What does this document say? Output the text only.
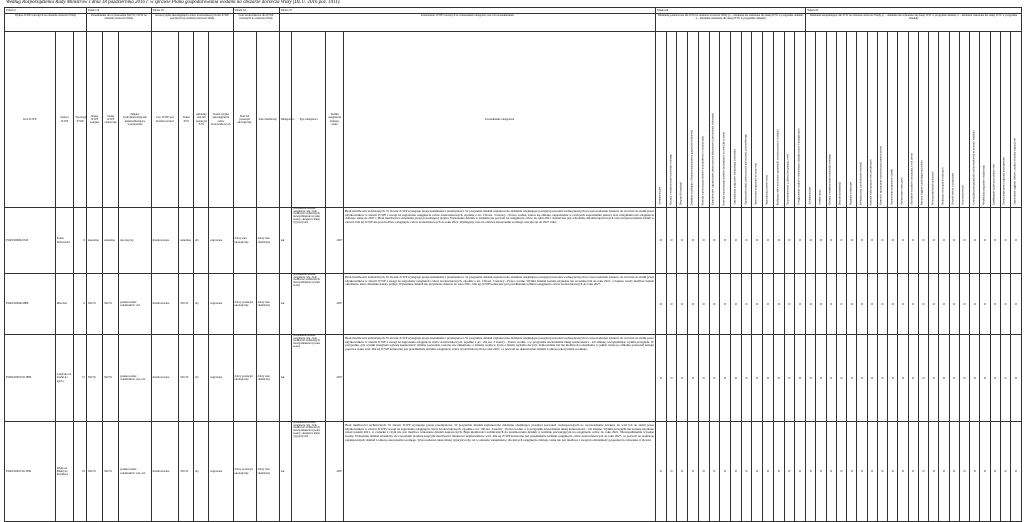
Według Rozporządzenia Rady Ministrów z dnia 18 października 2016 r. w sprawie Planu gospodarowania wodami na obszarze dorzecza Wisły (Dz.U. 2016 poz. 1911).
Tabela 2			Tabela 16			Tabela 19				Tabela 32		Tabela 37				Tabela 64														Tabela 65																				
Wykaz JCWP rzecznych na obszarze dorzecza Wisły			Uzasadnienie dla wyznaczenia SZCW i SCW na obszarze dorzecza Wisły			Ocena ryzyka nieosiągnięcia celów środowiskowych dla JCWP rzecznych na obszarze dorzecza Wisły				Cele środowiskowe dla JCWP rzecznych na obszarze Wisły		Zestawienie JCWP rzecznych ze wskazaniem odstępstw oraz ich uzasadnieniem				Działania podstawowe dla JCW na obszarze dorzecza Wisły (o – działanie nie wskazane dla danej JCW w programie działań; x – działanie wskazane dla danej JCW w programie działań)														Działania uzupełniające dla JCW na obszarze dorzecza Wisły (o – działanie nie wskazane dla danej JCW w programie działań; x – działanie wskazane dla danej JCW w programie działań)																				
Kod JCWP	Nazwa JCWP	Typologia JCWP	Status JCWP wstępny	Status JCWP ostateczny	Zmiany hydromorfologiczne uniemożliwiające wyznaczenie	Czy JCWP jest monitorowana?	Status JCW	Aktualny stan lub potencjał JCW	Ocena ryzyka nieosiągnięcia celów środowiskowych	Stan lub potencjał ekologiczny	Stan chemiczny	Odstępstwo	Typ odstępstwa	Termin osiągnięcia dobrego stanu	Uzasadnienie odstępstwa	Administracyjne	Badania i monitorowanie środowiska wodnego	Decyzje dla instalacji	Działania wynikające z finansowania (systemu gospodarki ściekowej)	Kontrola wprowadzania ścieków przemysłowych z oczyszczalni	Kontrolowanie i ograniczanie zanieczyszczeń obszarowych (pochodzenia rolniczego)	Kontrola wprowadzania ścieków komunalnych do wód lub do ziemi	Optymalizacja programów monitoringu środowiska	Ograniczanie emisji zanieczyszczeń pochodzenia przemysłowego	Opracowanie programów ochrony wód	Optymalizacja metod oceny	Realizacja celów ochronnych gospodarki wodnej zawartych w planach	Sprawozdawczość z zakresu korzystania z wód	Uwzględnienie działań w dokumentach planistycznych i strategicznych	Administracyjne	Analizy stanu	Badania i monitorowanie środowiska wodnego	Decyzje dla instalacji	Działania edukacyjne	Inwentaryzacja i prowadzenie ewidencji	Kontrola wykorzystania wód podziemnych	Kontrola i ograniczanie wprowadzania zanieczyszczeń	Opracowanie programów działań	Opracowanie wytycznych	Określenie warunków korzystania z wód zlewni	Poprawa ciągłości morfologicznej cieków	Prowadzenie badań naukowych	Realizacja rozwiązań technicznych	Rozwój wiedzy i zarządzania	Sprawozdawczość	Uporządkowanie gospodarki wodno-ściekowej na terenach wiejskich	Weryfikacja programów rekultywacji	Zapobieganie zanieczyszczeniom wód	Ocena konieczności realizacji przedsięwzięć	Zapewnienie ciągłości cieków z punktu widzenia migracji ryb

PLRW2000621545	Potok Dobowicki	6	naturalna	naturalna	nie dotyczy	monitorowana	naturalna	zły	zagrożona	dobry stan ekologiczny	dobry stan chemiczny	tak	przedłużenie terminu osiągnięcia celu - brak możliwości technicznych, niewspółmiernie wysokie koszty; odstępstwo mniej rygorystyczne	2027	Brak możliwości technicznych. W zlewni JCWP występuje presja komunalna i przemysłowa. W programie działań zaplanowano działanie obejmujące przegląd pozwoleń wodnoprawnych na wprowadzanie ścieków do wód lub do ziemi przez użytkowników w zlewni JCWP z uwagi na zagrożenie osiągnięcia celów środowiskowych, zgodnie z art. 136 ust. 3 ustawy - Prawo wodne, zaleca się zmianę, zapewnienie w rewizjach zapewnienia jakości oraz utrzymania lub osiągnięcia dobrego stanu do 2027 r. Brak możliwości określenia presji powodującej ryzyko. Wykonanie działań w terminie nie pozwoli na osiągnięcie celów do roku 2021. Konieczne jest wdrożenie działań naprawczych oraz przeprowadzenie badań w zlewni. Dla tej JCWP nie jest możliwe osiągnięcie celów środowiskowych do roku 2021. Wymagany czas na odnowę ekosystemu wodnego szacuje się do 2027 roku.	o	o	o	o	o	o	o	o	o	o	o	o	o	o	o	o	o	o	o	o	o	o	o	o	o	o	o	o	o	o	o	o	o	o	o
PLRW2000621889	Mleczna	6	SZCW	SZCW	przekroczenie wskaźników: zaś	monitorowana	SZCW	zły	zagrożona	dobry potencjał ekologiczny	dobry stan chemiczny	tak	przedłużenie terminu osiągnięcia celu - brak możliwości technicznych, niewspółmiernie wysokie koszty	2027	Brak możliwości technicznych. W zlewni JCWP występuje presja komunalna i przemysłowa. W programie działań zaplanowano działanie obejmujące przegląd pozwoleń wodnoprawnych na wprowadzanie ścieków do wód lub do ziemi przez użytkowników w zlewni JCWP z uwagi na zagrożenie osiągnięcia celów środowiskowych, zgodnie z art. 136 ust. 3 ustawy - Prawo wodne. Wyniki działań zostaną uzyskane nie wcześniej niż do roku 2021, a dopiero wtedy możliwe będzie określenie, które działania należy podjąć. Wykonanie działań nie przyniesie efektów do roku 2021. Dla tej JCWP konieczne jest przedłużenie terminu osiągnięcia celów środowiskowych do roku 2027.	o	o	o	o	o	o	o	o	o	o	o	o	o	o	o	o	o	o	o	o	o	o	o	o	o	o	o	o	o	o	o	o	o	o	o
PLRW200015211899	Grzybnia od źródeł do ujścia	15	SZCW	SZCW	przekroczenie wskaźników: zaś, zaś	monitorowana	SZCW	zły	zagrożona	dobry potencjał ekologiczny	dobry stan chemiczny	tak	przedłużenie terminu osiągnięcia celu - brak możliwości technicznych, niewspółmiernie wysokie koszty	2027	Brak możliwości technicznych. W zlewni JCWP występuje presja komunalna i przemysłowa. W programie działań zaplanowano działanie obejmujące przegląd pozwoleń wodnoprawnych na wprowadzanie ścieków do wód lub do ziemi przez użytkowników w zlewni JCWP z uwagi na zagrożenie osiągnięcia celów środowiskowych, zgodnie z art. 136 ust. 3 ustawy - Prawo wodne, a w przypadku stwierdzenia takiej konieczności - ich zmianę, uwzględniając wyniki przeglądu. W przypadku, gdy wyniki przeglądu wykażą konieczność zmiany pozwoleń, zostaną one zmienione, a zmiany wejdą w życie z dniem wydania decyzji. Jednocześnie nie ma możliwości określenia, w jakim czasie po zmianie pozwoleń nastąpi poprawa stanu wód. Dla tej JCWP konieczne jest przedłużenie terminu osiągnięcia celów środowiskowych do roku 2027, co pozwoli na dokończenie działań i odnowę ekosystemu wodnego.	o	o	o	o	o	o	o	o	o	o	o	o	o	o	o	o	o	o	o	o	o	o	o	o	o	o	o	o	o	o	o	o	o	o	o
PLRW200015211399	Wisła od Białej do Przemszy	19	SZCW	SZCW	przekroczenie wskaźników: zaś, zaś	monitorowana	SZCW	zły	zagrożona	dobry potencjał ekologiczny	dobry stan chemiczny	tak	przedłużenie terminu osiągnięcia celu - brak możliwości technicznych, niewspółmiernie wysokie koszty; odstępstwo mniej rygorystyczne	2027	Brak możliwości technicznych. W zlewni JCWP występuje presja przemysłowa. W programie działań zaplanowano działanie obejmujące przegląd pozwoleń wodnoprawnych na wprowadzanie ścieków do wód lub do ziemi przez użytkowników w zlewni JCWP z uwagi na zagrożenie osiągnięcia celów środowiskowych, zgodnie z art. 136 ust. 3 ustawy - Prawo wodne, a w przypadku stwierdzenia takiej konieczności - ich zmianę. Wyniki przeglądu nie zostaną uzyskane przed rokiem 2021, w związku z czym nie jest możliwe wskazanie działań naprawczych. Brak możliwości technicznych do zrealizowania działań w terminie pozwalającym na osiągnięcie celów do roku 2021. Niewspółmiernie wysokie koszty. Wdrożenie działań wiązałoby się z kosztami przekraczającymi możliwości finansowe użytkowników wód. Dla tej JCWP konieczne jest przedłużenie terminu osiągnięcia celów środowiskowych do roku 2027, co pozwoli na realizację zaplanowanych działań i odnowę ekosystemu wodnego. Wprowadzono także mniej rygorystyczny cel w zakresie wskaźników, dla których osiągnięcie dobrego stanu nie jest możliwe z uwagi na działalność gospodarczą człowieka w zlewni.	o	o	o	o	o	o	o	o	o	o	o	o	o	o	o	o	o	o	o	o	o	o	o	o	o	o	o	o	o	o	o	o	o	o	o
